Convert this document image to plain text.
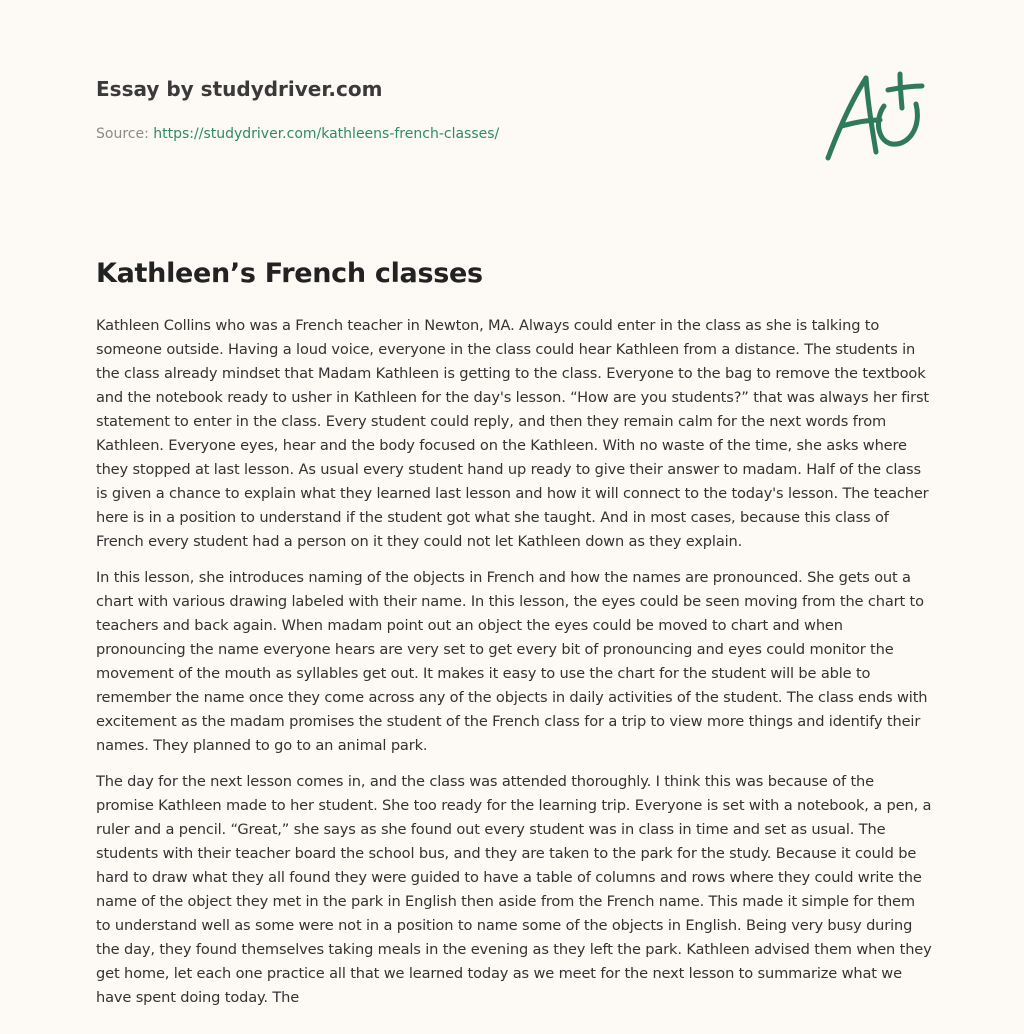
Essay by studydriver.com
Source: https://studydriver.com/kathleens-french-classes/
Kathleen’s French classes

Kathleen Collins who was a French teacher in Newton, MA. Always could enter in the class as she is talking to someone outside. Having a loud voice, everyone in the class could hear Kathleen from a distance. The students in the class already mindset that Madam Kathleen is getting to the class. Everyone to the bag to remove the textbook and the notebook ready to usher in Kathleen for the day's lesson. “How are you students?” that was always her first statement to enter in the class. Every student could reply, and then they remain calm for the next words from Kathleen. Everyone eyes, hear and the body focused on the Kathleen. With no waste of the time, she asks where they stopped at last lesson. As usual every student hand up ready to give their answer to madam. Half of the class is given a chance to explain what they learned last lesson and how it will connect to the today's lesson. The teacher here is in a position to understand if the student got what she taught. And in most cases, because this class of French every student had a person on it they could not let Kathleen down as they explain.

In this lesson, she introduces naming of the objects in French and how the names are pronounced. She gets out a chart with various drawing labeled with their name. In this lesson, the eyes could be seen moving from the chart to teachers and back again. When madam point out an object the eyes could be moved to chart and when pronouncing the name everyone hears are very set to get every bit of pronouncing and eyes could monitor the movement of the mouth as syllables get out. It makes it easy to use the chart for the student will be able to remember the name once they come across any of the objects in daily activities of the student. The class ends with excitement as the madam promises the student of the French class for a trip to view more things and identify their names. They planned to go to an animal park.

The day for the next lesson comes in, and the class was attended thoroughly. I think this was because of the promise Kathleen made to her student. She too ready for the learning trip. Everyone is set with a notebook, a pen, a ruler and a pencil. “Great,” she says as she found out every student was in class in time and set as usual. The students with their teacher board the school bus, and they are taken to the park for the study. Because it could be hard to draw what they all found they were guided to have a table of columns and rows where they could write the name of the object they met in the park in English then aside from the French name. This made it simple for them to understand well as some were not in a position to name some of the objects in English. Being very busy during the day, they found themselves taking meals in the evening as they left the park. Kathleen advised them when they get home, let each one practice all that we learned today as we meet for the next lesson to summarize what we have spent doing today. The
